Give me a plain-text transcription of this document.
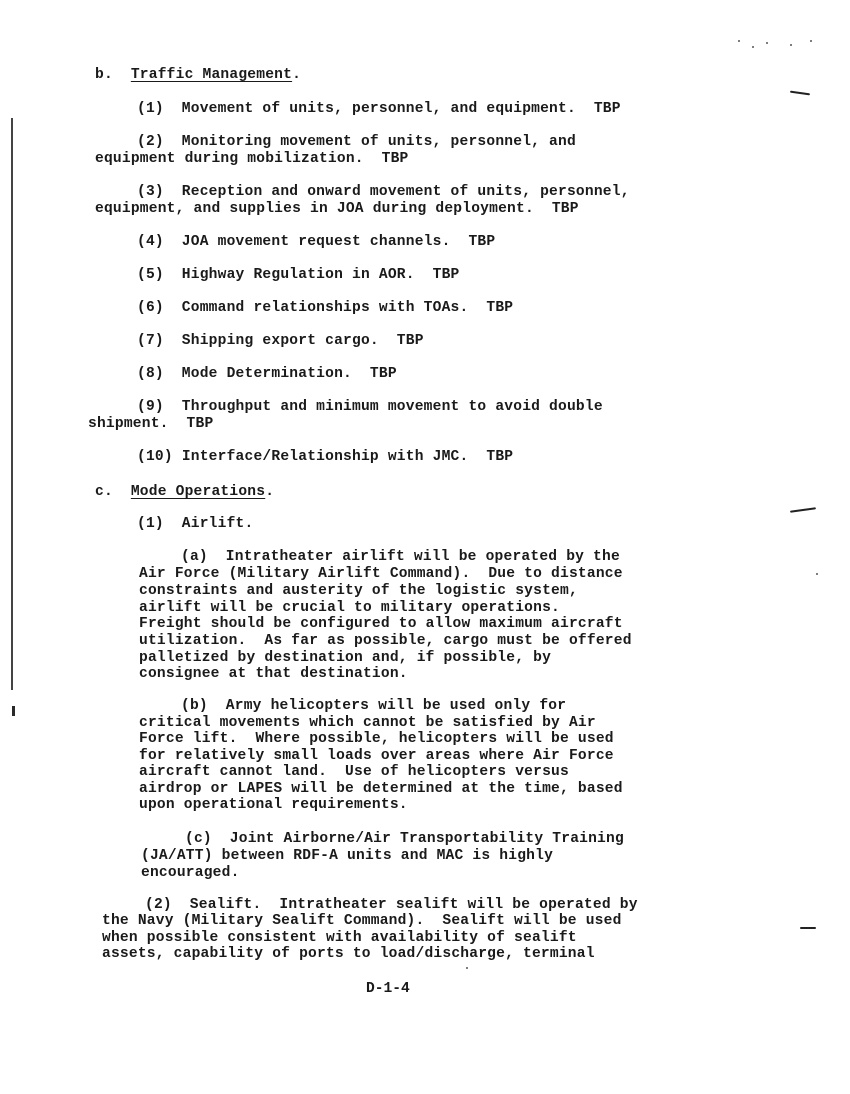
b. Traffic Management.
(1) Movement of units, personnel, and equipment.  TBP
(2) Monitoring movement of units, personnel, and
equipment during mobilization.  TBP
(3) Reception and onward movement of units, personnel,
equipment, and supplies in JOA during deployment.  TBP
(4) JOA movement request channels.  TBP
(5) Highway Regulation in AOR.  TBP
(6) Command relationships with TOAs.  TBP
(7) Shipping export cargo.  TBP
(8) Mode Determination.  TBP
(9) Throughput and minimum movement to avoid double
shipment.  TBP
(10) Interface/Relationship with JMC.  TBP
c. Mode Operations.
(1) Airlift.
(a) Intratheater airlift will be operated by the
Air Force (Military Airlift Command).  Due to distance
constraints and austerity of the logistic system,
airlift will be crucial to military operations.
Freight should be configured to allow maximum aircraft
utilization.  As far as possible, cargo must be offered
palletized by destination and, if possible, by
consignee at that destination.
(b) Army helicopters will be used only for
critical movements which cannot be satisfied by Air
Force lift.  Where possible, helicopters will be used
for relatively small loads over areas where Air Force
aircraft cannot land.  Use of helicopters versus
airdrop or LAPES will be determined at the time, based
upon operational requirements.
(c) Joint Airborne/Air Transportability Training
(JA/ATT) between RDF-A units and MAC is highly
encouraged.
(2) Sealift.  Intratheater sealift will be operated by
the Navy (Military Sealift Command).  Sealift will be used
when possible consistent with availability of sealift
assets, capability of ports to load/discharge, terminal
D-1-4
